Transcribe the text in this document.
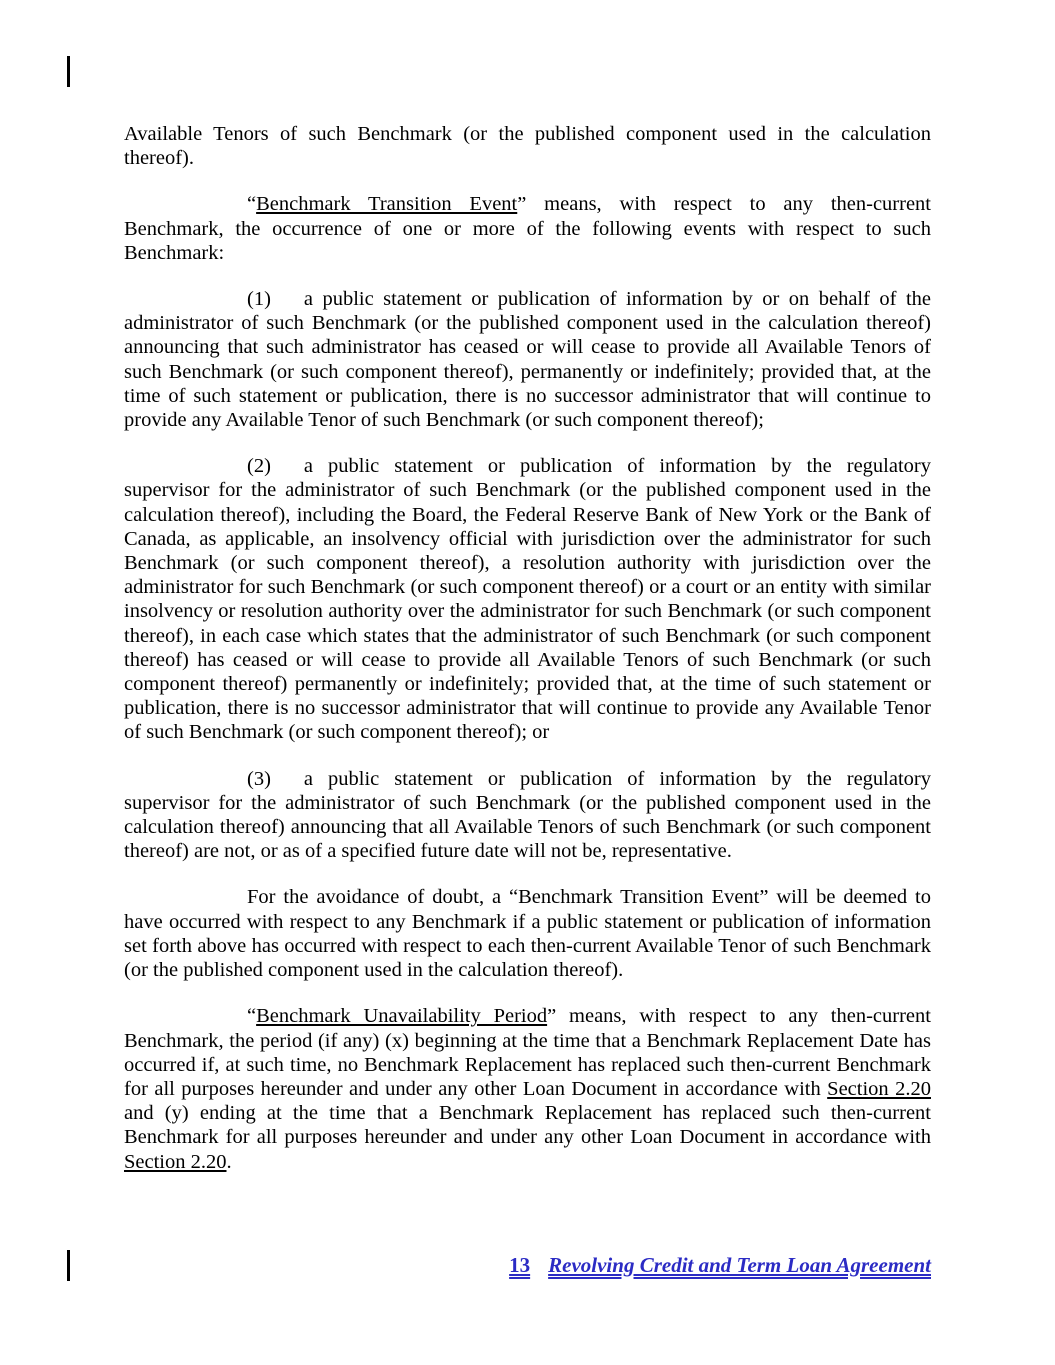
Available Tenors of such Benchmark (or the published component used in the calculation thereof).

“Benchmark Transition Event” means, with respect to any then-current Benchmark, the occurrence of one or more of the following events with respect to such Benchmark:

(1) a public statement or publication of information by or on behalf of the administrator of such Benchmark (or the published component used in the calculation thereof) announcing that such administrator has ceased or will cease to provide all Available Tenors of such Benchmark (or such component thereof), permanently or indefinitely; provided that, at the time of such statement or publication, there is no successor administrator that will continue to provide any Available Tenor of such Benchmark (or such component thereof);

(2) a public statement or publication of information by the regulatory supervisor for the administrator of such Benchmark (or the published component used in the calculation thereof), including the Board, the Federal Reserve Bank of New York or the Bank of Canada, as applicable, an insolvency official with jurisdiction over the administrator for such Benchmark (or such component thereof), a resolution authority with jurisdiction over the administrator for such Benchmark (or such component thereof) or a court or an entity with similar insolvency or resolution authority over the administrator for such Benchmark (or such component thereof), in each case which states that the administrator of such Benchmark (or such component thereof) has ceased or will cease to provide all Available Tenors of such Benchmark (or such component thereof) permanently or indefinitely; provided that, at the time of such statement or publication, there is no successor administrator that will continue to provide any Available Tenor of such Benchmark (or such component thereof); or

(3) a public statement or publication of information by the regulatory supervisor for the administrator of such Benchmark (or the published component used in the calculation thereof) announcing that all Available Tenors of such Benchmark (or such component thereof) are not, or as of a specified future date will not be, representative.

For the avoidance of doubt, a “Benchmark Transition Event” will be deemed to have occurred with respect to any Benchmark if a public statement or publication of information set forth above has occurred with respect to each then-current Available Tenor of such Benchmark (or the published component used in the calculation thereof).

“Benchmark Unavailability Period” means, with respect to any then-current Benchmark, the period (if any) (x) beginning at the time that a Benchmark Replacement Date has occurred if, at such time, no Benchmark Replacement has replaced such then-current Benchmark for all purposes hereunder and under any other Loan Document in accordance with Section 2.20 and (y) ending at the time that a Benchmark Replacement has replaced such then-current Benchmark for all purposes hereunder and under any other Loan Document in accordance with Section 2.20.

13 Revolving Credit and Term Loan Agreement
